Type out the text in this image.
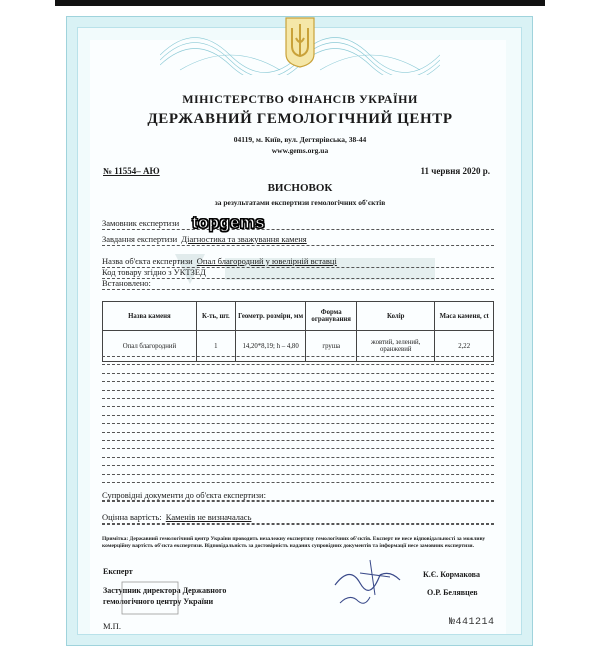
МІНІСТЕРСТВО ФІНАНСІВ УКРАЇНИ
ДЕРЖАВНИЙ ГЕМОЛОГІЧНИЙ ЦЕНТР
04119, м. Київ, вул. Дегтярівська, 38-44
www.gems.org.ua
№ 11554– АЮ	11 червня 2020 р.
ВИСНОВОК
за результатами експертизи гемологічних об'єктів
Замовник експертизи topgems
Завдання експертизи Діагностика та зважування каменя
Назва об'єкта експертизи Опал благородний у ювелірній вставці
Код товару згідно з УКТЗЕД
Встановлено:
Назва каменя	К-ть, шт.	Геометр. розміри, мм	Форма огранування	Колір	Маса каменя, ct
Опал благородний	1	14,20*8,19; h – 4,80	груша	жовтий, зелений, оранжевий	2,22
Супровідні документи до об'єкта експертизи:
Оцінна вартість: Каменів не визначалась
Примітка: Державний гемологічний центр України проводить незалежну експертизу гемологічних об'єктів. Експерт не несе відповідальності за можливу комерційну вартість об'єкта експертизи. Відповідальність за достовірність наданих супровідних документів та інформації несе замовник експертизи.
Експерт
Заступник директора Державного гемологічного центру України
К.Є. Кормакова
О.Р. Белявцев
М.П.	№441214
